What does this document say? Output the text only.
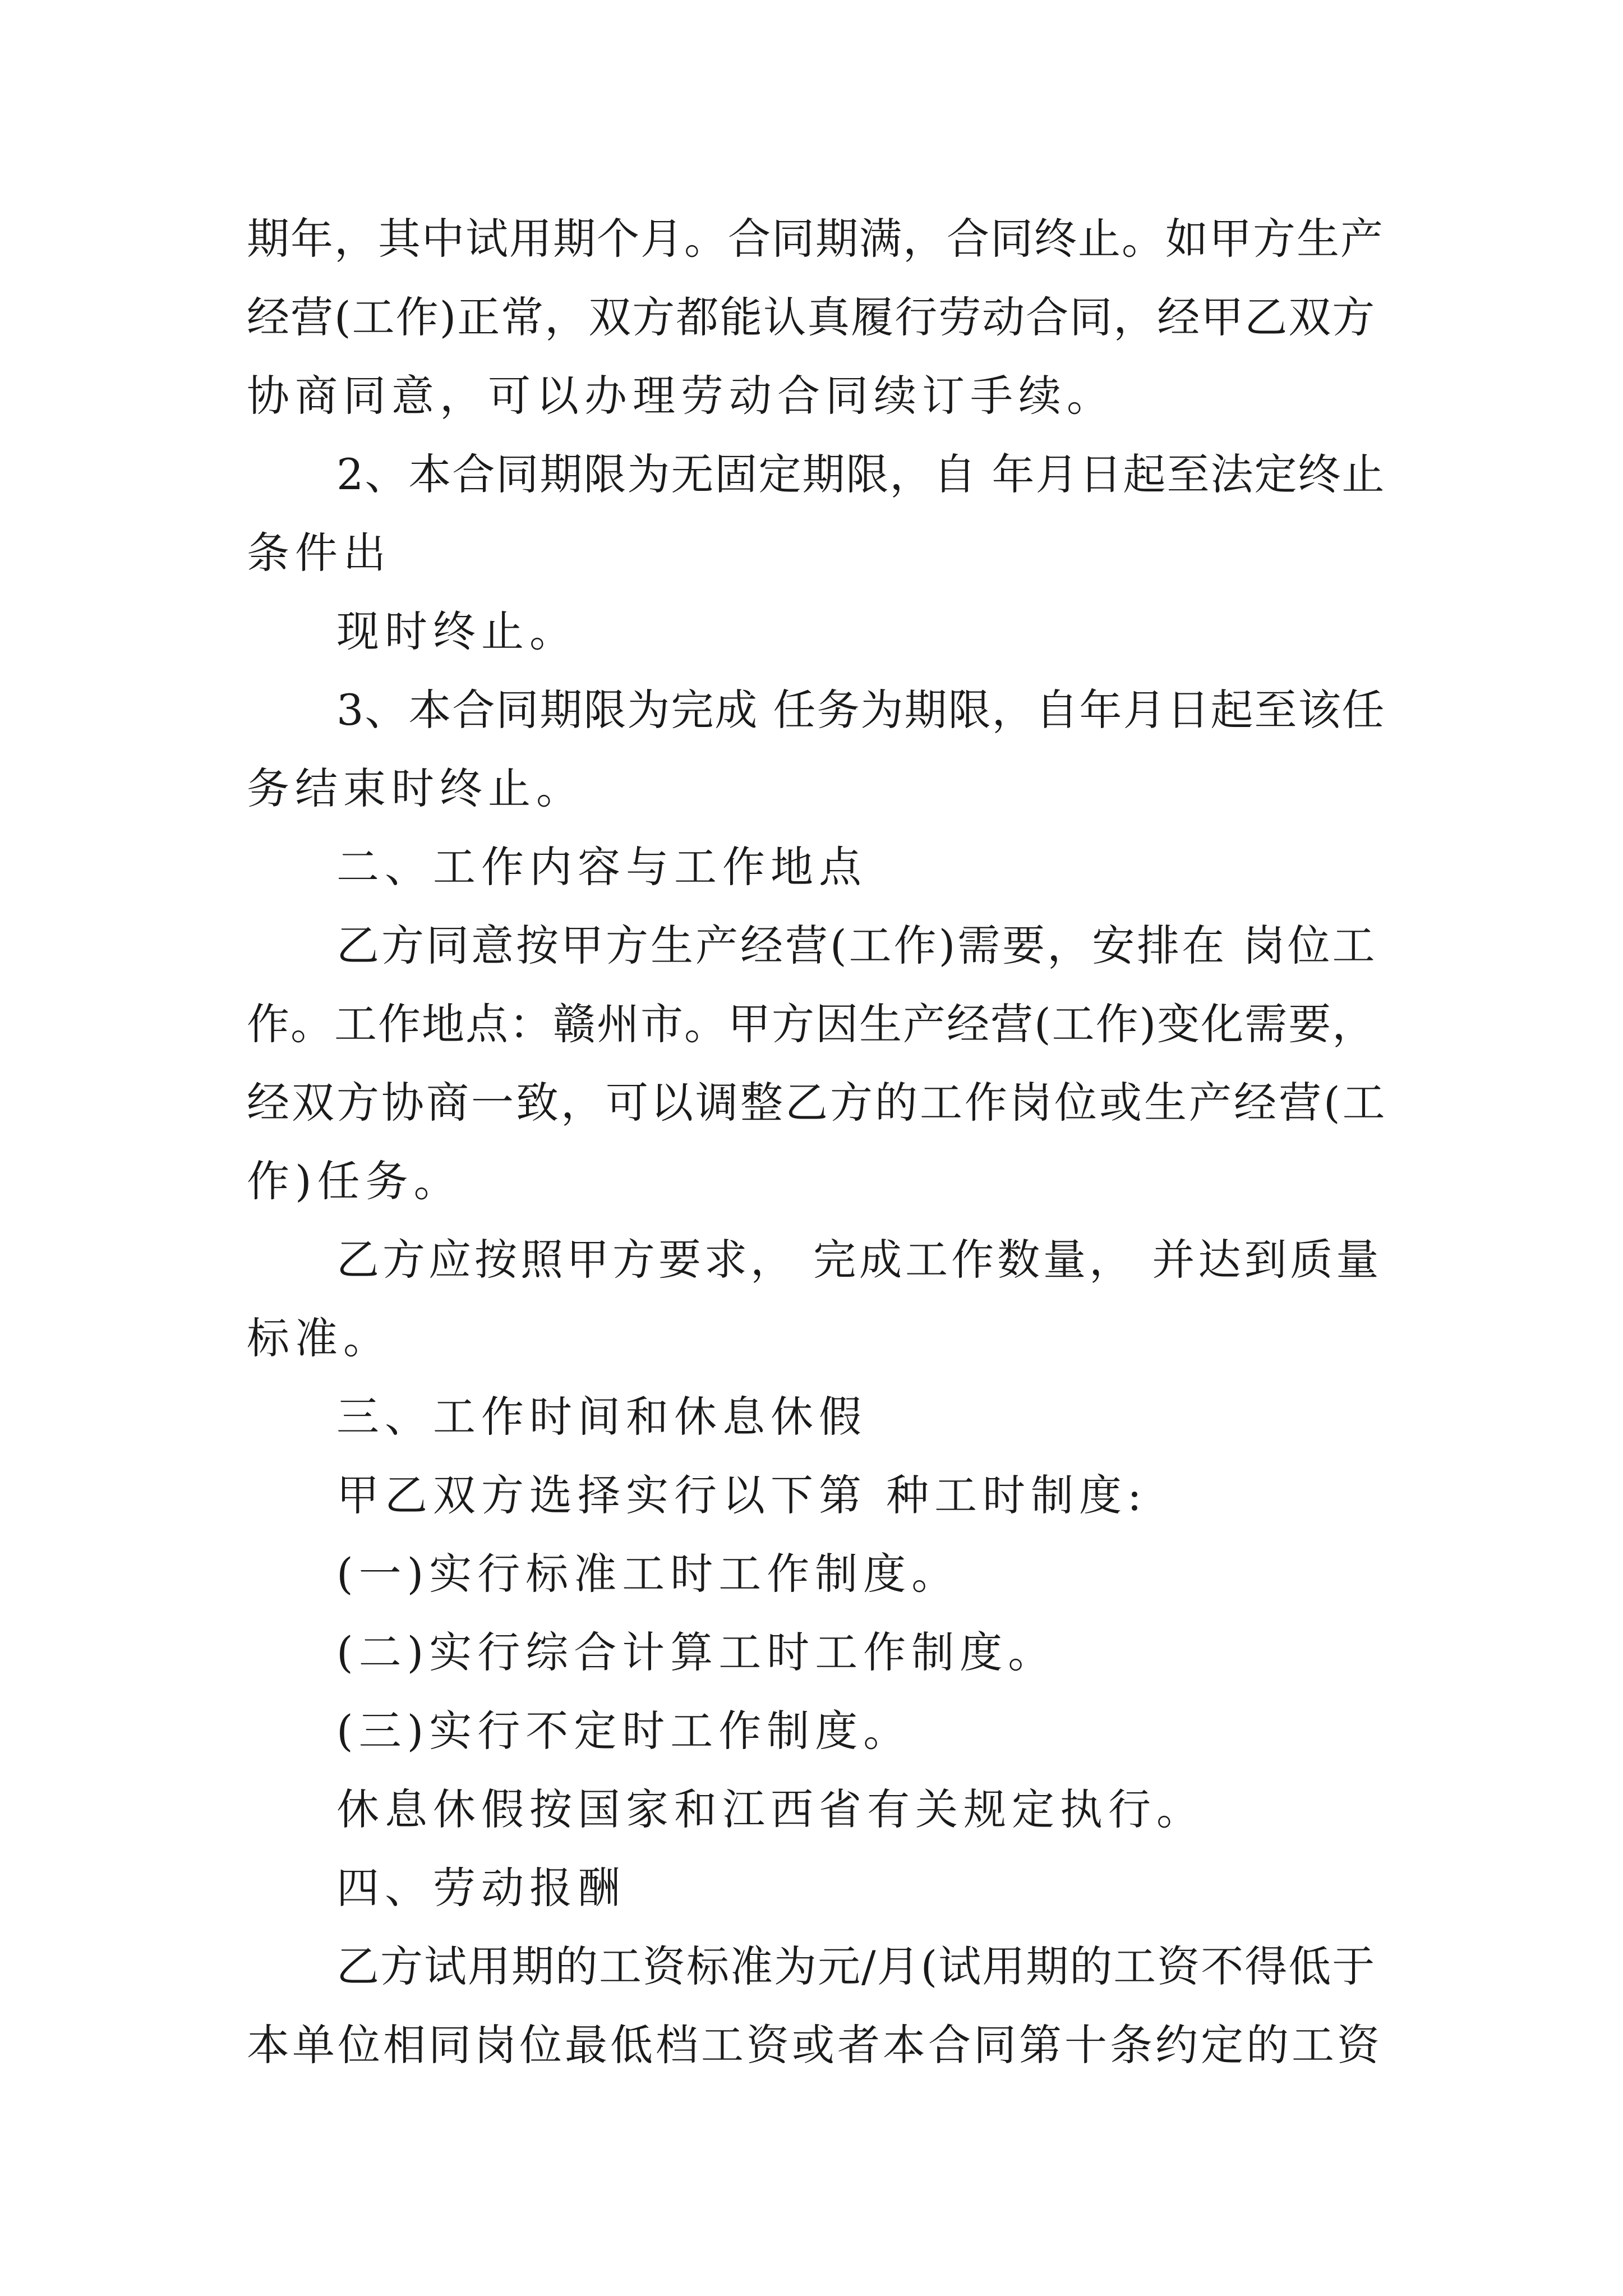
期年，其中试用期个月。合同期满，合同终止。如甲方生产
经营(工作)正常，双方都能认真履行劳动合同，经甲乙双方
协商同意，可以办理劳动合同续订手续。
2、本合同期限为无固定期限，自 年月日起至法定终止
条件出
现时终止。
3、本合同期限为完成 任务为期限，自年月日起至该任
务结束时终止。
二、工作内容与工作地点
乙方同意按甲方生产经营(工作)需要，安排在 岗位工
作。工作地点：赣州市。甲方因生产经营(工作)变化需要，
经双方协商一致，可以调整乙方的工作岗位或生产经营(工
作)任务。
乙方应按照甲方要求， 完成工作数量， 并达到质量
标准。
三、工作时间和休息休假
甲乙双方选择实行以下第 种工时制度:
(一)实行标准工时工作制度。
(二)实行综合计算工时工作制度。
(三)实行不定时工作制度。
休息休假按国家和江西省有关规定执行。
四、劳动报酬
乙方试用期的工资标准为元/月(试用期的工资不得低于
本单位相同岗位最低档工资或者本合同第十条约定的工资
